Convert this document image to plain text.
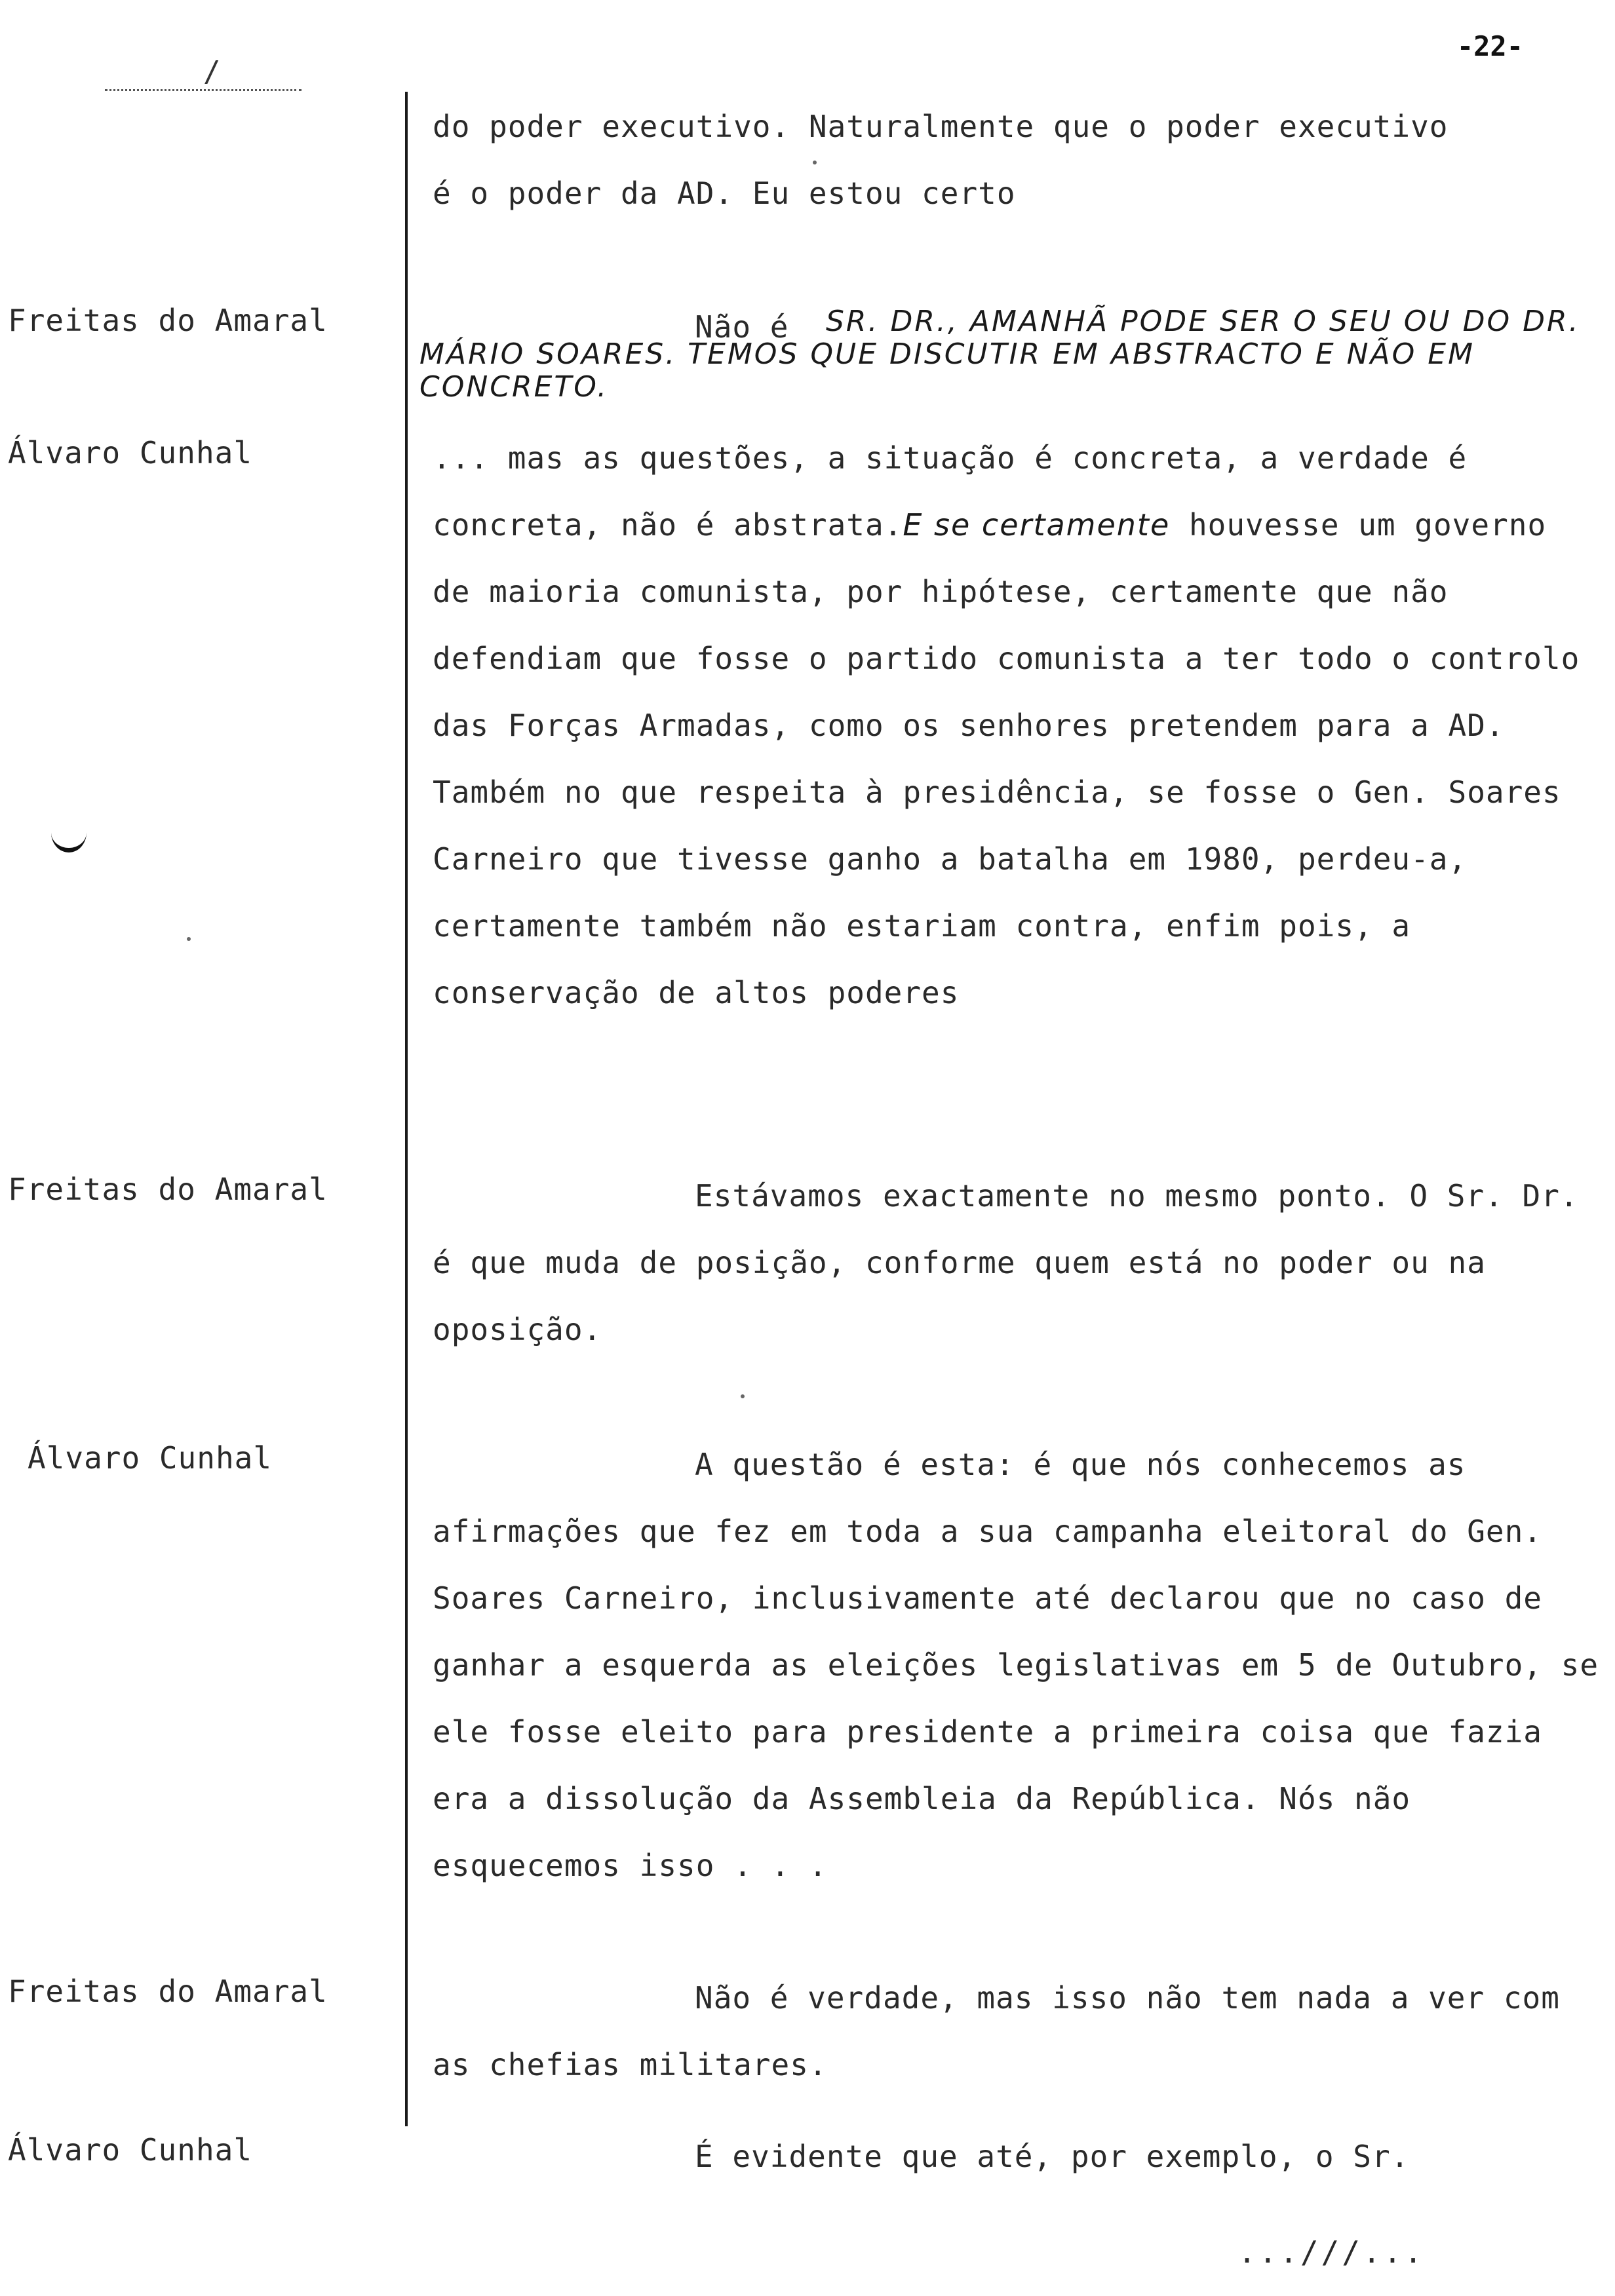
-22-
/
Freitas do Amaral
Álvaro Cunhal
Freitas do Amaral
Álvaro Cunhal
Freitas do Amaral
Álvaro Cunhal
do poder executivo. Naturalmente que o poder executivo
é o poder da AD. Eu estou certo
Não é	SR. DR., AMANHÃ PODE SER O SEU OU DO DR. MÁRIO SOARES. TEMOS QUE DISCUTIR EM ABSTRACTO E NÃO EM CONCRETO.
... mas as questões, a situação é concreta, a verdade é concreta, não é abstrata.E se certamente houvesse um governo de maioria comunista, por hipótese, certamente que não defendiam que fosse o partido comunista a ter todo o controlo das Forças Armadas, como os senhores pretendem para a AD. Também no que respeita à presidência, se fosse o Gen. Soares Carneiro que tivesse ganho a batalha em 1980, perdeu-a, certamente também não estariam contra, enfim pois, a conservação de altos poderes
Estávamos exactamente no mesmo ponto. O Sr. Dr. é que muda de posição, conforme quem está no poder ou na oposição.
A questão é esta: é que nós conhecemos as afirmações que fez em toda a sua campanha eleitoral do Gen. Soares Carneiro, inclusivamente até declarou que no caso de ganhar a esquerda as eleições legislativas em 5 de Outubro, se ele fosse eleito para presidente a primeira coisa que fazia era a dissolução da Assembleia da República. Nós não esquecemos isso . . .
Não é verdade, mas isso não tem nada a ver com as chefias militares.
É evidente que até, por exemplo, o Sr.
...///...
